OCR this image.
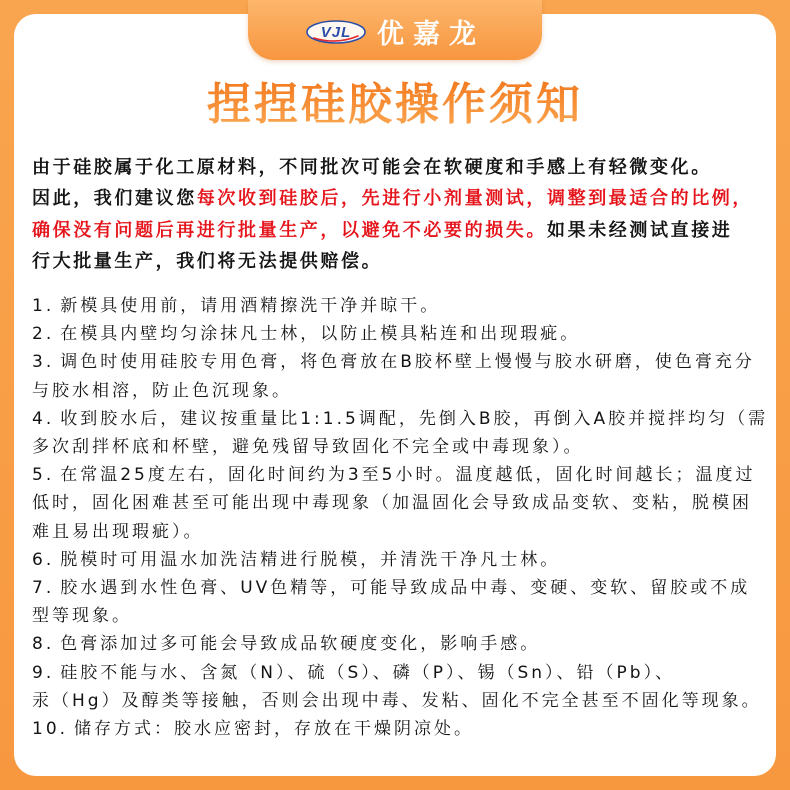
捏捏硅胶操作须知
由于硅胶属于化工原材料，不同批次可能会在软硬度和手感上有轻微变化。
因此，我们建议您每次收到硅胶后，先进行小剂量测试，调整到最适合的比例，
确保没有问题后再进行批量生产，以避免不必要的损失。如果未经测试直接进
行大批量生产，我们将无法提供赔偿。
1. 新模具使用前，请用酒精擦洗干净并晾干。
2. 在模具内壁均匀涂抹凡士林，以防止模具粘连和出现瑕疵。
3. 调色时使用硅胶专用色膏，将色膏放在B胶杯壁上慢慢与胶水研磨，使色膏充分
与胶水相溶，防止色沉现象。
4. 收到胶水后，建议按重量比1:1.5调配，先倒入B胶，再倒入A胶并搅拌均匀（需
多次刮拌杯底和杯壁，避免残留导致固化不完全或中毒现象）。
5. 在常温25度左右，固化时间约为3至5小时。温度越低，固化时间越长；温度过
低时，固化困难甚至可能出现中毒现象（加温固化会导致成品变软、变粘，脱模困
难且易出现瑕疵）。
6. 脱模时可用温水加洗洁精进行脱模，并清洗干净凡士林。
7. 胶水遇到水性色膏、UV色精等，可能导致成品中毒、变硬、变软、留胶或不成
型等现象。
8. 色膏添加过多可能会导致成品软硬度变化，影响手感。
9. 硅胶不能与水、含氮（N）、硫（S）、磷（P）、锡（Sn）、铅（Pb）、
汞（Hg）及醇类等接触，否则会出现中毒、发粘、固化不完全甚至不固化等现象。
10. 储存方式：胶水应密封，存放在干燥阴凉处。
VJL 优嘉龙
